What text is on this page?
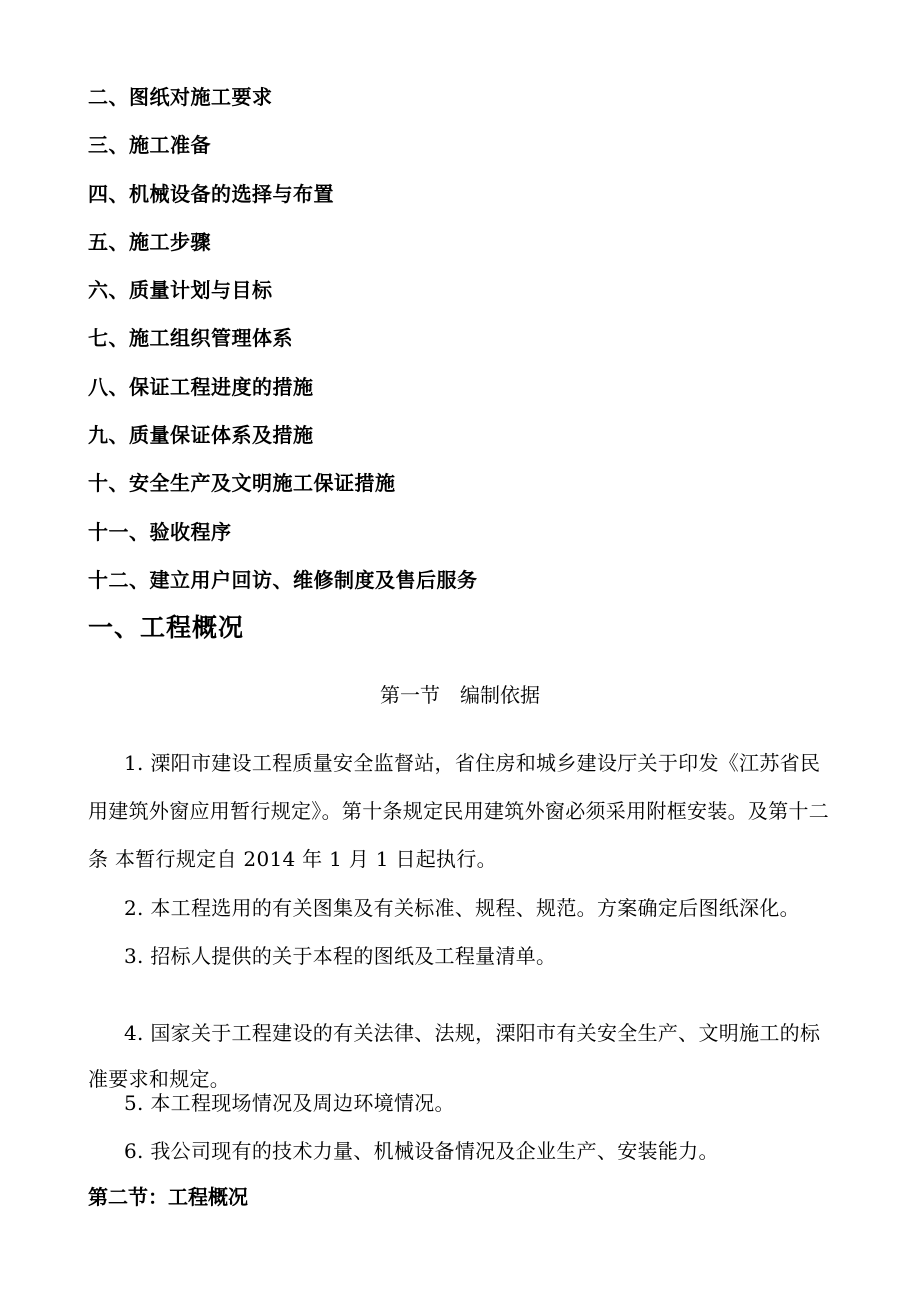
二、图纸对施工要求
三、施工准备
四、机械设备的选择与布置
五、施工步骤
六、质量计划与目标
七、施工组织管理体系
八、保证工程进度的措施
九、质量保证体系及措施
十、安全生产及文明施工保证措施
十一、验收程序
十二、建立用户回访、维修制度及售后服务
一、工程概况
第一节　编制依据

1. 溧阳市建设工程质量安全监督站，省住房和城乡建设厅关于印发《江苏省民用建筑外窗应用暂行规定》。第十条规定民用建筑外窗必须采用附框安装。及第十二条 本暂行规定自 2014 年 1 月 1 日起执行。

2. 本工程选用的有关图集及有关标准、规程、规范。方案确定后图纸深化。

3. 招标人提供的关于本程的图纸及工程量清单。

4. 国家关于工程建设的有关法律、法规，溧阳市有关安全生产、文明施工的标准要求和规定。

5. 本工程现场情况及周边环境情况。

6. 我公司现有的技术力量、机械设备情况及企业生产、安装能力。

第二节：工程概况
